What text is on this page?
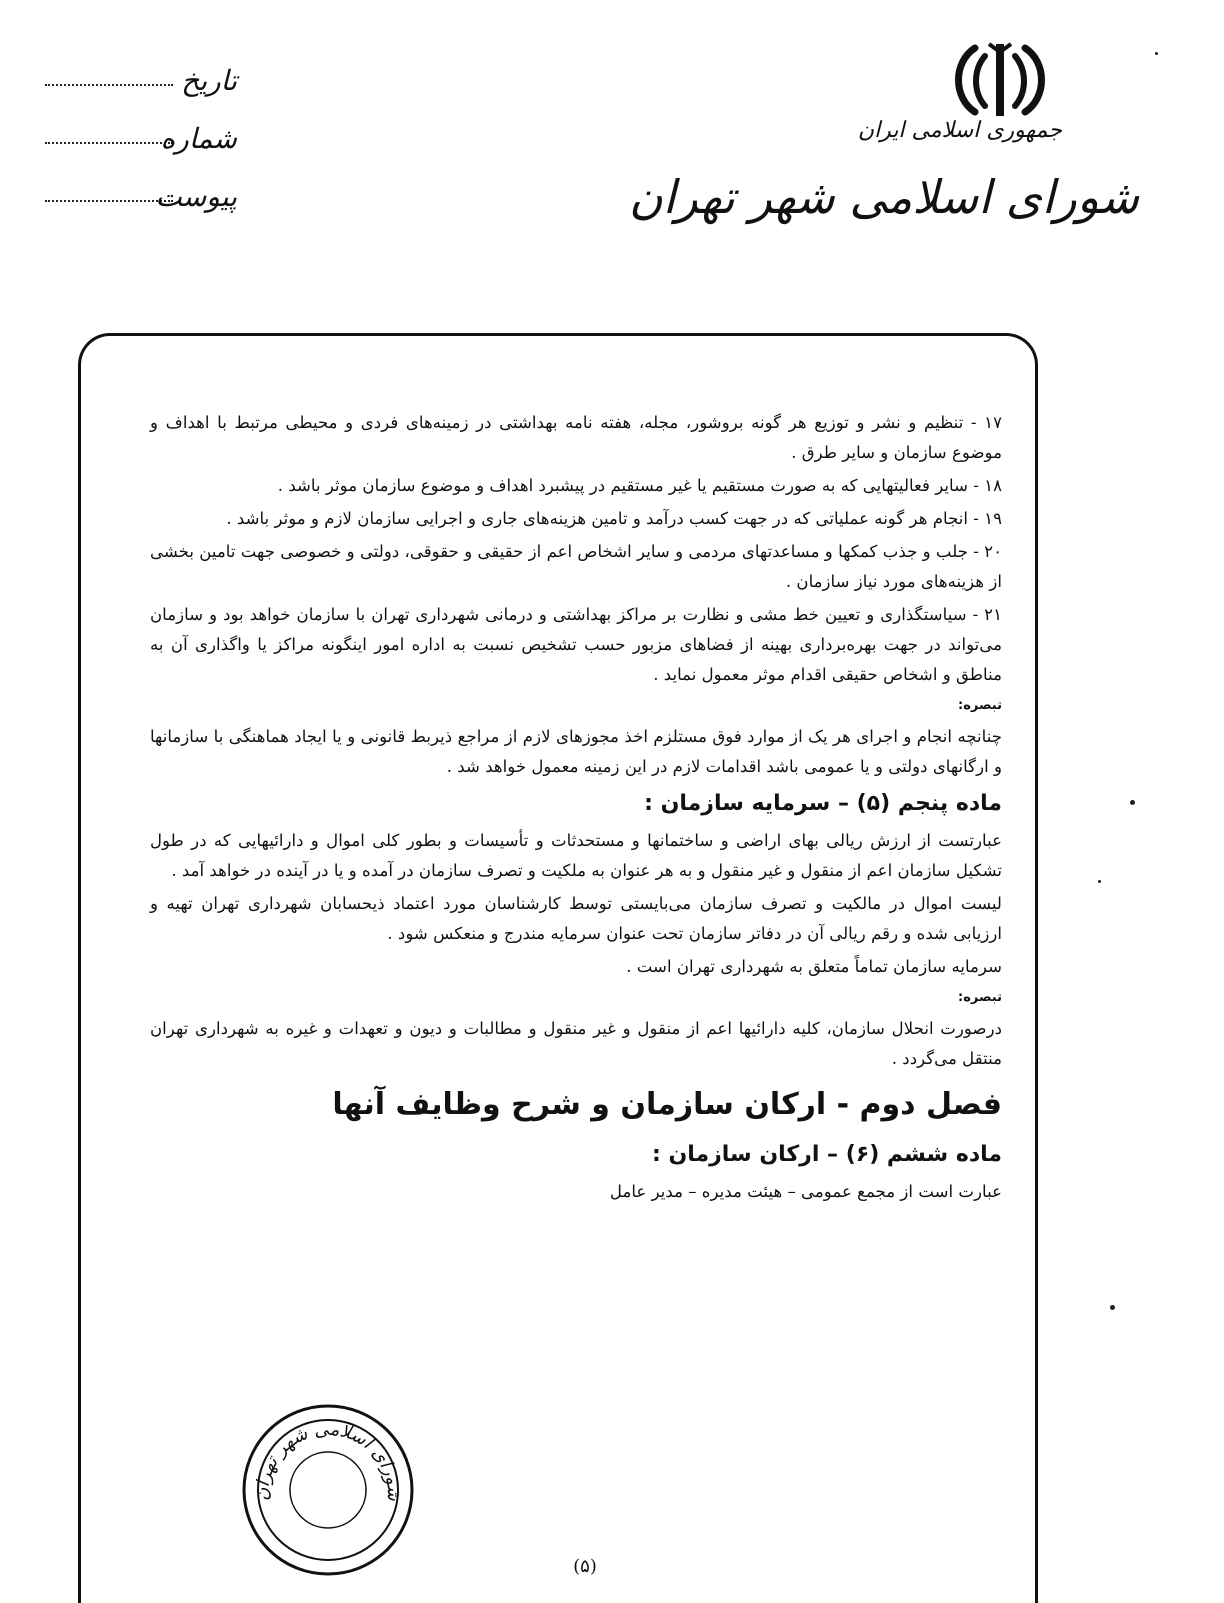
تاریخ
شماره
پیوست
جمهوری اسلامی ایران
شورای اسلامی شهر تهران

۱۷ - تنظیم و نشر و توزیع هر گونه بروشور، مجله، هفته نامه بهداشتی در زمینه‌های فردی و محیطی مرتبط با اهداف و موضوع سازمان و سایر طرق .

۱۸ - سایر فعالیتهایی که به صورت مستقیم یا غیر مستقیم در پیشبرد اهداف و موضوع سازمان موثر باشد .

۱۹ - انجام هر گونه عملیاتی که در جهت کسب درآمد و تامین هزینه‌های جاری و اجرایی سازمان لازم و موثر باشد .

۲۰ - جلب و جذب کمکها و مساعدتهای مردمی و سایر اشخاص اعم از حقیقی و حقوقی، دولتی و خصوصی جهت تامین بخشی از هزینه‌های مورد نیاز سازمان .

۲۱ - سیاستگذاری و تعیین خط مشی و نظارت بر مراکز بهداشتی و درمانی شهرداری تهران با سازمان خواهد بود و سازمان می‌تواند در جهت بهره‌برداری بهینه از فضاهای مزبور حسب تشخیص نسبت به اداره امور اینگونه مراکز یا واگذاری آن به مناطق و اشخاص حقیقی اقدام موثر معمول نماید .

تبصره:

چنانچه انجام و اجرای هر یک از موارد فوق مستلزم اخذ مجوزهای لازم از مراجع ذیربط قانونی و یا ایجاد هماهنگی با سازمانها و ارگانهای دولتی و یا عمومی باشد اقدامات لازم در این زمینه معمول خواهد شد .

ماده پنجم (۵) – سرمایه سازمان :

عبارتست از ارزش ریالی بهای اراضی و ساختمانها و مستحدثات و تأسیسات و بطور کلی اموال و دارائیهایی که در طول تشکیل سازمان اعم از منقول و غیر منقول و به هر عنوان به ملکیت و تصرف سازمان در آمده و یا در آینده در خواهد آمد .

لیست اموال در مالکیت و تصرف سازمان می‌بایستی توسط کارشناسان مورد اعتماد ذیحسابان شهرداری تهران تهیه و ارزیابی شده و رقم ریالی آن در دفاتر سازمان تحت عنوان سرمایه مندرج و منعکس شود .

سرمایه سازمان تماماً متعلق به شهرداری تهران است .

تبصره:

درصورت انحلال سازمان، کلیه دارائیها اعم از منقول و غیر منقول و مطالبات و دیون و تعهدات و غیره به شهرداری تهران منتقل می‌گردد .

فصل دوم - ارکان سازمان و شرح وظایف آنها

ماده ششم (۶) – ارکان سازمان :

عبارت است از مجمع عمومی – هیئت مدیره – مدیر عامل

شورای اسلامی شهر تهران
(۵)
